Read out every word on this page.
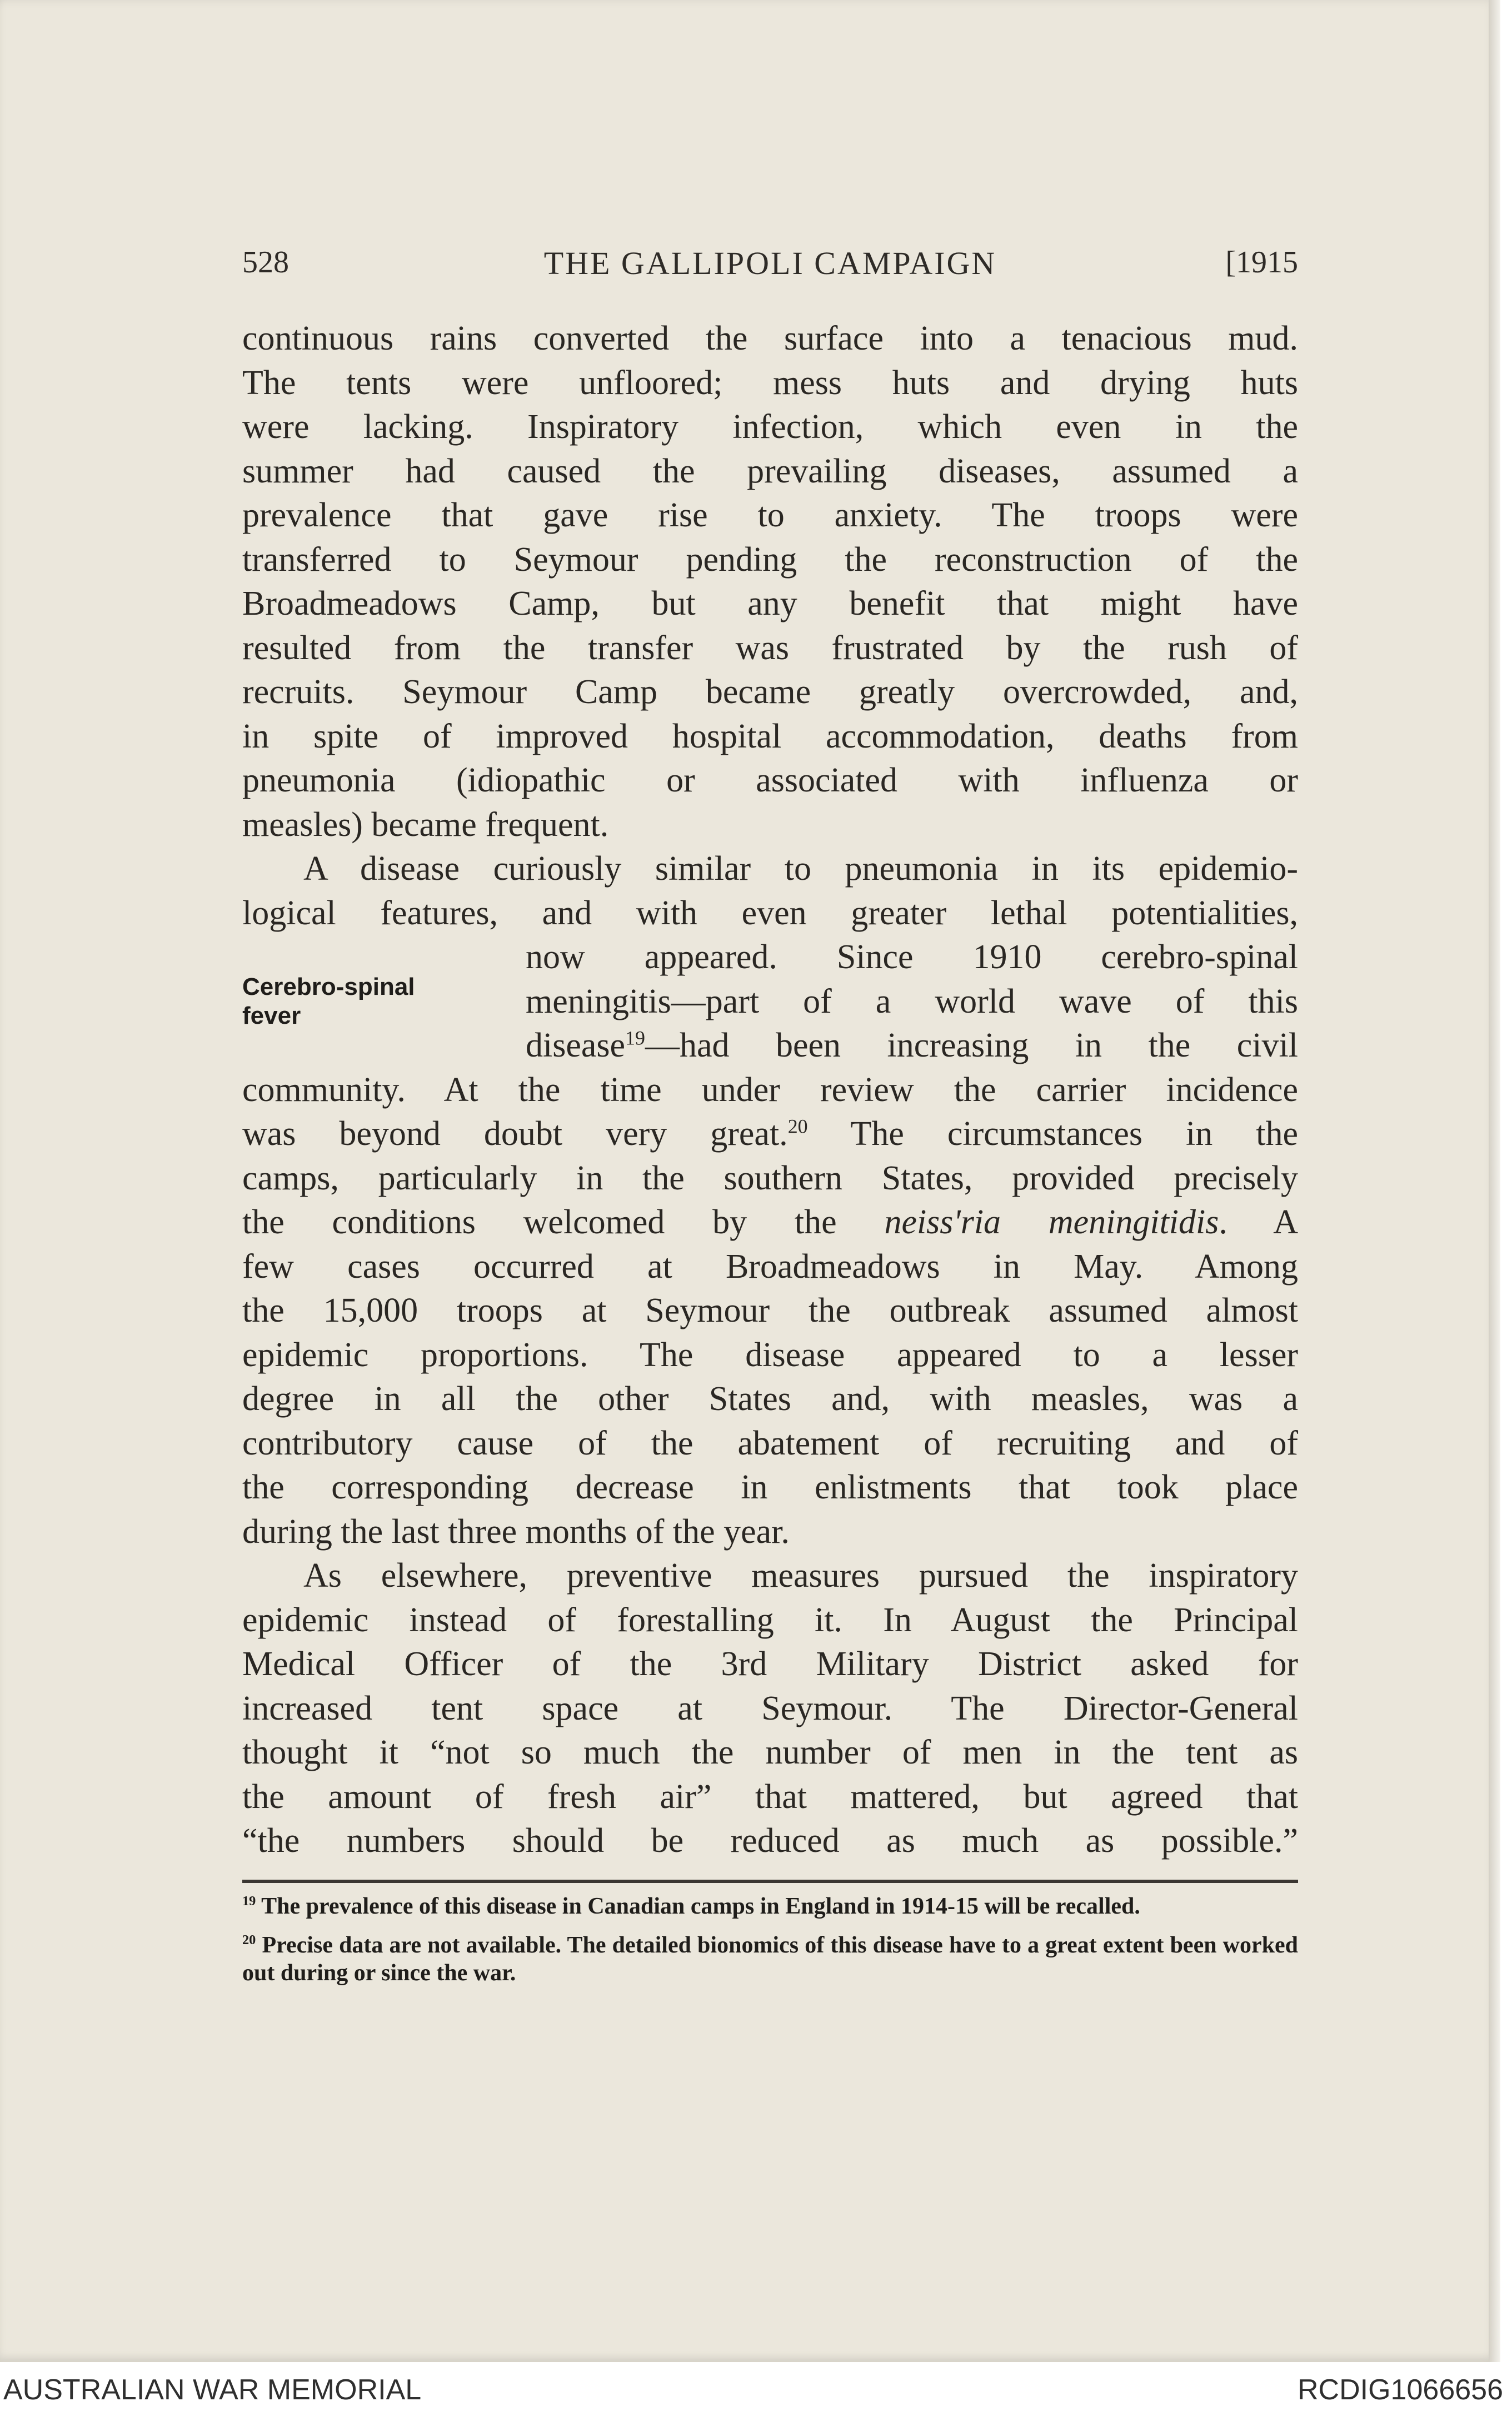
528	THE GALLIPOLI CAMPAIGN	[1915
Cerebro-spinal
fever
continuous rains converted the surface into a tenacious mud.
The tents were unfloored; mess huts and drying huts
were lacking. Inspiratory infection, which even in the
summer had caused the prevailing diseases, assumed a
prevalence that gave rise to anxiety. The troops were
transferred to Seymour pending the reconstruction of the
Broadmeadows Camp, but any benefit that might have
resulted from the transfer was frustrated by the rush of
recruits. Seymour Camp became greatly overcrowded, and,
in spite of improved hospital accommodation, deaths from
pneumonia (idiopathic or associated with influenza or
measles) became frequent.
A disease curiously similar to pneumonia in its epidemio-
logical features, and with even greater lethal potentialities,
now appeared. Since 1910 cerebro-spinal
meningitis—part of a world wave of this
disease$^{19}$—had been increasing in the civil
community. At the time under review the carrier incidence
was beyond doubt very great.$^{20}$ The circumstances in the
camps, particularly in the southern States, provided precisely
the conditions welcomed by the neiss'ria meningitidis. A
few cases occurred at Broadmeadows in May. Among
the 15,000 troops at Seymour the outbreak assumed almost
epidemic proportions. The disease appeared to a lesser
degree in all the other States and, with measles, was a
contributory cause of the abatement of recruiting and of
the corresponding decrease in enlistments that took place
during the last three months of the year.
As elsewhere, preventive measures pursued the inspiratory
epidemic instead of forestalling it. In August the Principal
Medical Officer of the 3rd Military District asked for
increased tent space at Seymour. The Director-General
thought it “not so much the number of men in the tent as
the amount of fresh air” that mattered, but agreed that
“the numbers should be reduced as much as possible.”
$^{19}$ The prevalence of this disease in Canadian camps in England in 1914-15 will be recalled.
$^{20}$ Precise data are not available. The detailed bionomics of this disease have to a great extent been worked out during or since the war.
AUSTRALIAN WAR MEMORIAL	RCDIG1066656
